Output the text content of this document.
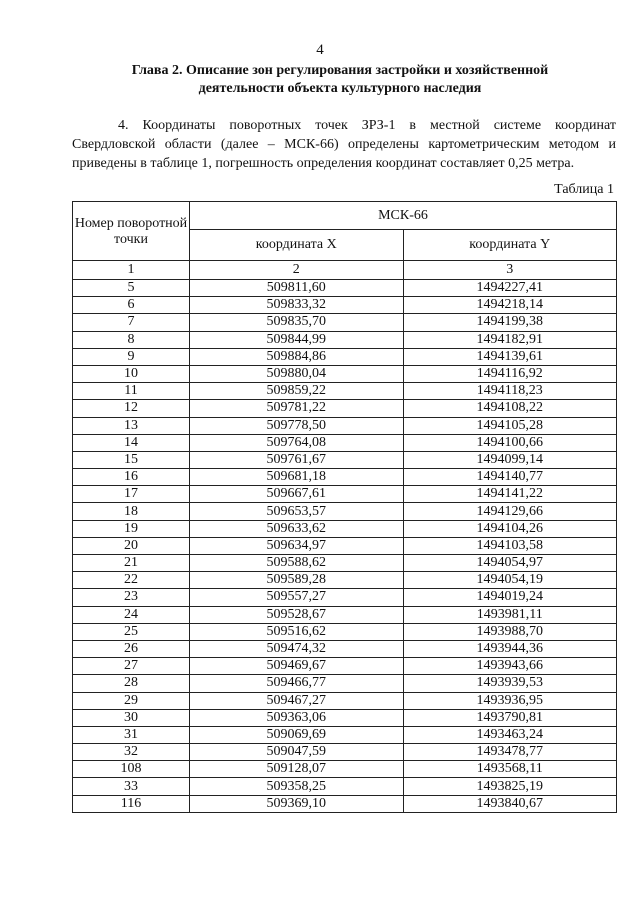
4
Глава 2. Описание зон регулирования застройки и хозяйственной деятельности объекта культурного наследия
4. Координаты поворотных точек ЗРЗ-1 в местной системе координат Свердловской области (далее – МСК-66) определены картометрическим методом и приведены в таблице 1, погрешность определения координат составляет 0,25 метра.
Таблица 1
Номер поворотной точки	МСК-66	
	координата X	координата Y
1	2	3
5	509811,60	1494227,41
6	509833,32	1494218,14
7	509835,70	1494199,38
8	509844,99	1494182,91
9	509884,86	1494139,61
10	509880,04	1494116,92
11	509859,22	1494118,23
12	509781,22	1494108,22
13	509778,50	1494105,28
14	509764,08	1494100,66
15	509761,67	1494099,14
16	509681,18	1494140,77
17	509667,61	1494141,22
18	509653,57	1494129,66
19	509633,62	1494104,26
20	509634,97	1494103,58
21	509588,62	1494054,97
22	509589,28	1494054,19
23	509557,27	1494019,24
24	509528,67	1493981,11
25	509516,62	1493988,70
26	509474,32	1493944,36
27	509469,67	1493943,66
28	509466,77	1493939,53
29	509467,27	1493936,95
30	509363,06	1493790,81
31	509069,69	1493463,24
32	509047,59	1493478,77
108	509128,07	1493568,11
33	509358,25	1493825,19
116	509369,10	1493840,67
